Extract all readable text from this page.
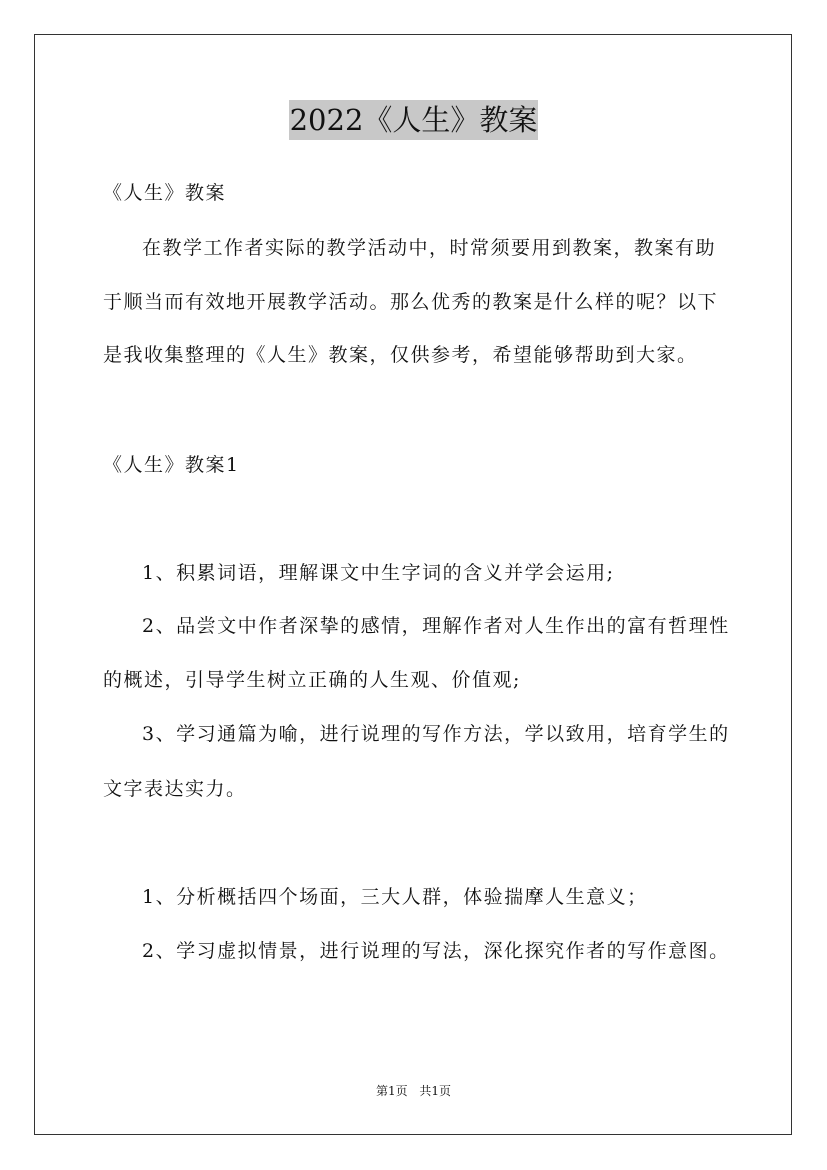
2022《人生》教案
《人生》教案
在教学工作者实际的教学活动中，时常须要用到教案，教案有助
于顺当而有效地开展教学活动。那么优秀的教案是什么样的呢？以下
是我收集整理的《人生》教案，仅供参考，希望能够帮助到大家。
《人生》教案1
1、积累词语，理解课文中生字词的含义并学会运用;
2、品尝文中作者深挚的感情，理解作者对人生作出的富有哲理性
的概述，引导学生树立正确的人生观、价值观;
3、学习通篇为喻，进行说理的写作方法，学以致用，培育学生的
文字表达实力。
1、分析概括四个场面，三大人群，体验揣摩人生意义；
2、学习虚拟情景，进行说理的写法，深化探究作者的写作意图。
第1页 共1页
